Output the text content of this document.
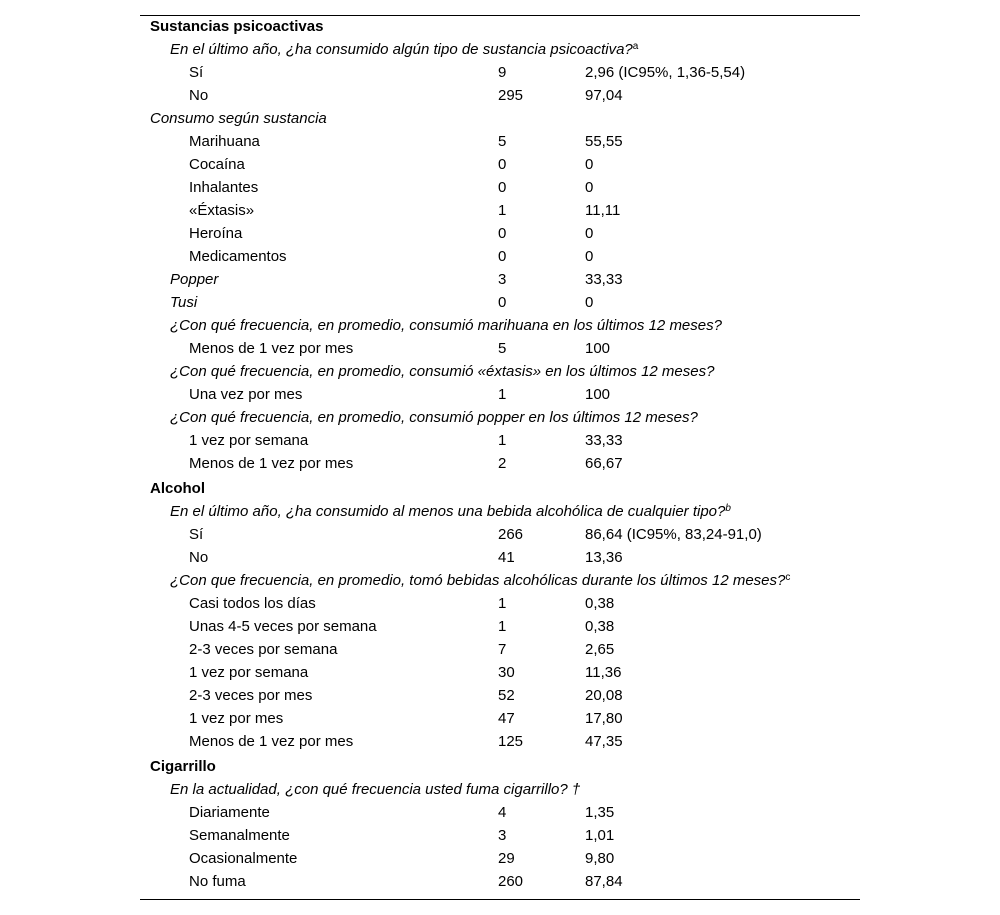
Sustancias psicoactivas
En el último año, ¿ha consumido algún tipo de sustancia psicoactiva?$^a$
Sí	9	2,96 (IC95%, 1,36-5,54)
No	295	97,04
Consumo según sustancia
Marihuana	5	55,55
Cocaína	0	0
Inhalantes	0	0
«Éxtasis»	1	11,11
Heroína	0	0
Medicamentos	0	0
Popper	3	33,33
Tusi	0	0
¿Con qué frecuencia, en promedio, consumió marihuana en los últimos 12 meses?
Menos de 1 vez por mes	5	100
¿Con qué frecuencia, en promedio, consumió «éxtasis» en los últimos 12 meses?
Una vez por mes	1	100
¿Con qué frecuencia, en promedio, consumió popper en los últimos 12 meses?
1 vez por semana	1	33,33
Menos de 1 vez por mes	2	66,67
Alcohol
En el último año, ¿ha consumido al menos una bebida alcohólica de cualquier tipo?$^b$
Sí	266	86,64 (IC95%, 83,24-91,0)
No	41	13,36
¿Con que frecuencia, en promedio, tomó bebidas alcohólicas durante los últimos 12 meses?$^c$
Casi todos los días	1	0,38
Unas 4-5 veces por semana	1	0,38
2-3 veces por semana	7	2,65
1 vez por semana	30	11,36
2-3 veces por mes	52	20,08
1 vez por mes	47	17,80
Menos de 1 vez por mes	125	47,35
Cigarrillo
En la actualidad, ¿con qué frecuencia usted fuma cigarrillo? †
Diariamente	4	1,35
Semanalmente	3	1,01
Ocasionalmente	29	9,80
No fuma	260	87,84
